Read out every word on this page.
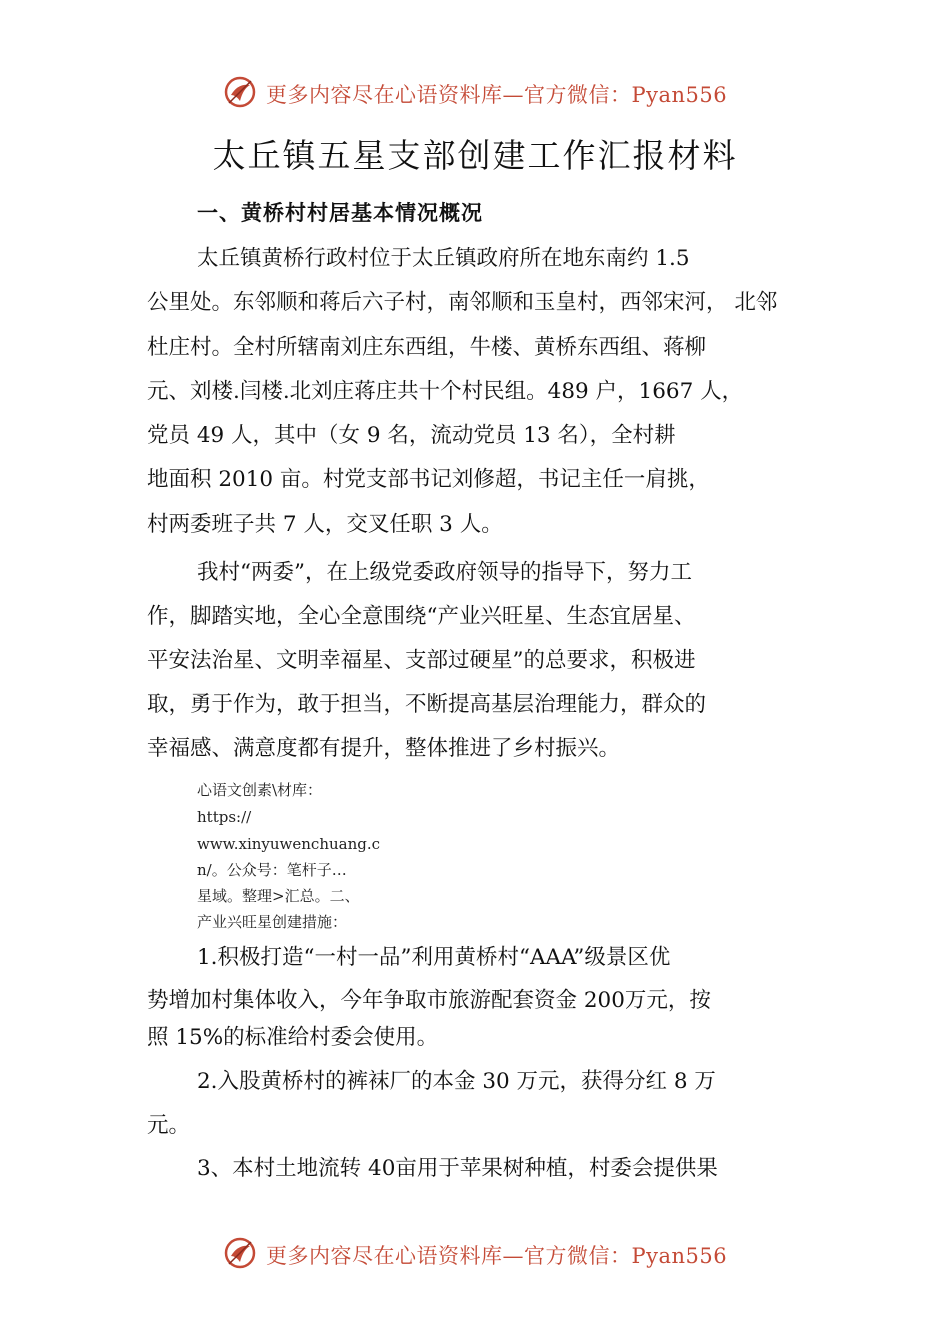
更多内容尽在心语资料库—官方微信：Pyan556
太丘镇五星支部创建工作汇报材料

一、黄桥村村居基本情况概况

太丘镇黄桥行政村位于太丘镇政府所在地东南约 1.5

公里处。东邻顺和蒋后六子村，南邻顺和玉皇村，西邻宋河， 北邻

杜庄村。全村所辖南刘庄东西组，牛楼、黄桥东西组、蒋柳

元、刘楼.闫楼.北刘庄蒋庄共十个村民组。489 户，1667 人，

党员 49 人，其中（女 9 名，流动党员 13 名），全村耕

地面积 2010 亩。村党支部书记刘修超，书记主任一肩挑，

村两委班子共 7 人，交叉任职 3 人。

我村“两委”，在上级党委政府领导的指导下，努力工

作，脚踏实地，全心全意围绕“产业兴旺星、生态宜居星、

平安法治星、文明幸福星、支部过硬星”的总要求，积极进

取，勇于作为，敢于担当，不断提高基层治理能力，群众的

幸福感、满意度都有提升，整体推进了乡村振兴。

心语文创素\材库：

https://

www.xinyuwenchuang.c

n/。公众号：笔杆子…

星域。整理>汇总。二、

产业兴旺星创建措施：

1.积极打造“一村一品”利用黄桥村“AAA”级景区优

势增加村集体收入，今年争取市旅游配套资金 200万元，按

照 15%的标准给村委会使用。

2.入股黄桥村的裤袜厂的本金 30 万元，获得分红 8 万

元。

3、本村土地流转 40亩用于苹果树种植，村委会提供果

更多内容尽在心语资料库—官方微信：Pyan556
